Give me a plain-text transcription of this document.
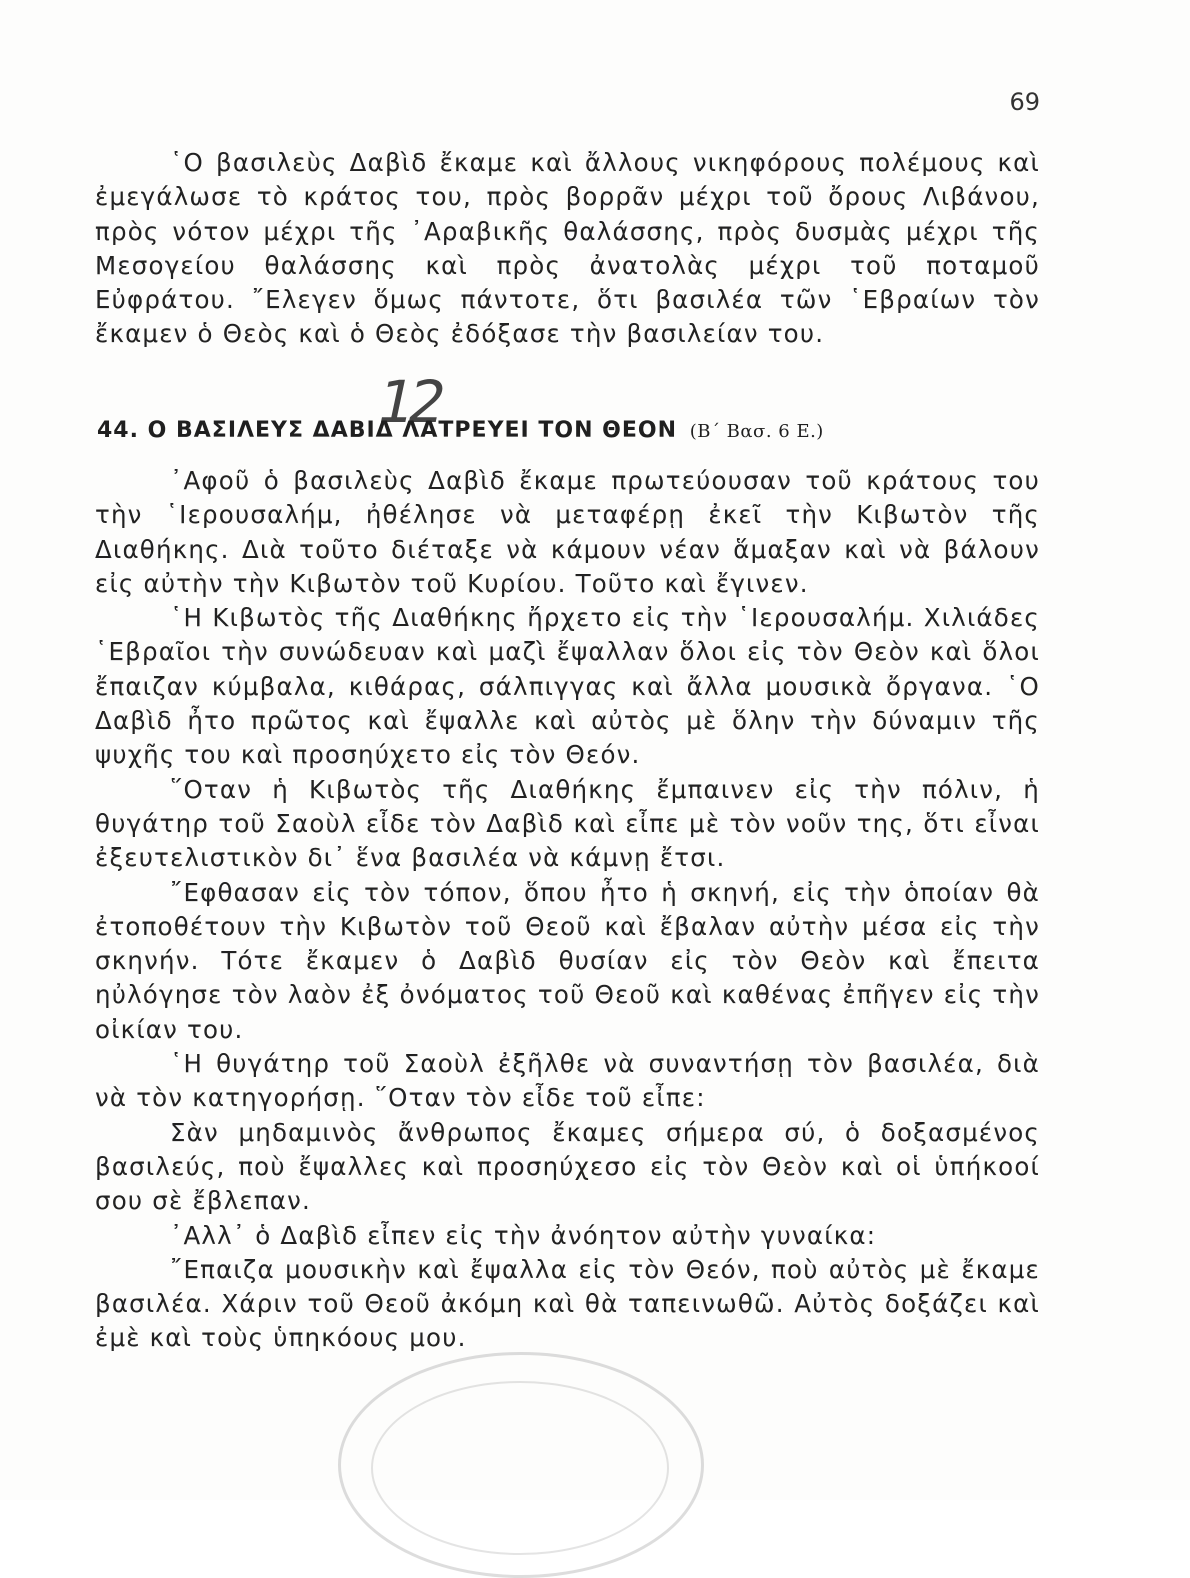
69

῾Ο βασιλεὺς Δαβὶδ ἔκαμε καὶ ἄλλους νικηφόρους πολέμους καὶ ἐμεγάλωσε τὸ κράτος του, πρὸς βορρᾶν μέχρι τοῦ ὄρους Λιβάνου, πρὸς νότον μέχρι τῆς ᾿Αραβικῆς θαλάσσης, πρὸς δυσμὰς μέχρι τῆς Μεσογείου θαλάσσης καὶ πρὸς ἀνατολὰς μέχρι τοῦ ποταμοῦ Εὐφράτου. ῎Ελεγεν ὅμως πάντοτε, ὅτι βασιλέα τῶν ῾Εβραίων τὸν ἔκαμεν ὁ Θεὸς καὶ ὁ Θεὸς ἐδόξασε τὴν βασιλείαν του.

12
44. Ο ΒΑΣΙΛΕΥΣ ΔΑΒΙΔ ΛΑΤΡΕΥΕΙ ΤΟΝ ΘΕΟΝ (Β΄ Βασ. 6 Ε.)

᾿Αφοῦ ὁ βασιλεὺς Δαβὶδ ἔκαμε πρωτεύουσαν τοῦ κράτους του τὴν ῾Ιερουσαλήμ, ἠθέλησε νὰ μεταφέρῃ ἐκεῖ τὴν Κιβωτὸν τῆς Διαθήκης. Διὰ τοῦτο διέταξε νὰ κάμουν νέαν ἅμαξαν καὶ νὰ βάλουν εἰς αὐτὴν τὴν Κιβωτὸν τοῦ Κυρίου. Τοῦτο καὶ ἔγινεν.

῾Η Κιβωτὸς τῆς Διαθήκης ἤρχετο εἰς τὴν ῾Ιερουσαλήμ. Χιλιάδες ῾Εβραῖοι τὴν συνώδευαν καὶ μαζὶ ἔψαλλαν ὅλοι εἰς τὸν Θεὸν καὶ ὅλοι ἔπαιζαν κύμβαλα, κιθάρας, σάλπιγγας καὶ ἄλλα μουσικὰ ὄργανα. ῾Ο Δαβὶδ ἦτο πρῶτος καὶ ἔψαλλε καὶ αὐτὸς μὲ ὅλην τὴν δύναμιν τῆς ψυχῆς του καὶ προσηύχετο εἰς τὸν Θεόν.

῞Οταν ἡ Κιβωτὸς τῆς Διαθήκης ἔμπαινεν εἰς τὴν πόλιν, ἡ θυγάτηρ τοῦ Σαοὺλ εἶδε τὸν Δαβὶδ καὶ εἶπε μὲ τὸν νοῦν της, ὅτι εἶναι ἐξευτελιστικὸν δι᾿ ἕνα βασιλέα νὰ κάμνῃ ἔτσι.

῎Εφθασαν εἰς τὸν τόπον, ὅπου ἦτο ἡ σκηνή, εἰς τὴν ὁποίαν θὰ ἐτοποθέτουν τὴν Κιβωτὸν τοῦ Θεοῦ καὶ ἔβαλαν αὐτὴν μέσα εἰς τὴν σκηνήν. Τότε ἔκαμεν ὁ Δαβὶδ θυσίαν εἰς τὸν Θεὸν καὶ ἔπειτα ηὐλόγησε τὸν λαὸν ἐξ ὀνόματος τοῦ Θεοῦ καὶ καθένας ἐπῆγεν εἰς τὴν οἰκίαν του.

῾Η θυγάτηρ τοῦ Σαοὺλ ἐξῆλθε νὰ συναντήσῃ τὸν βασιλέα, διὰ νὰ τὸν κατηγορήσῃ. ῞Οταν τὸν εἶδε τοῦ εἶπε:

Σὰν μηδαμινὸς ἄνθρωπος ἔκαμες σήμερα σύ, ὁ δοξασμένος βασιλεύς, ποὺ ἔψαλλες καὶ προσηύχεσο εἰς τὸν Θεὸν καὶ οἱ ὑπήκοοί σου σὲ ἔβλεπαν.

᾿Αλλ᾿ ὁ Δαβὶδ εἶπεν εἰς τὴν ἀνόητον αὐτὴν γυναίκα:

῎Επαιζα μουσικὴν καὶ ἔψαλλα εἰς τὸν Θεόν, ποὺ αὐτὸς μὲ ἔκαμε βασιλέα. Χάριν τοῦ Θεοῦ ἀκόμη καὶ θὰ ταπεινωθῶ. Αὐτὸς δοξάζει καὶ ἐμὲ καὶ τοὺς ὑπηκόους μου.
